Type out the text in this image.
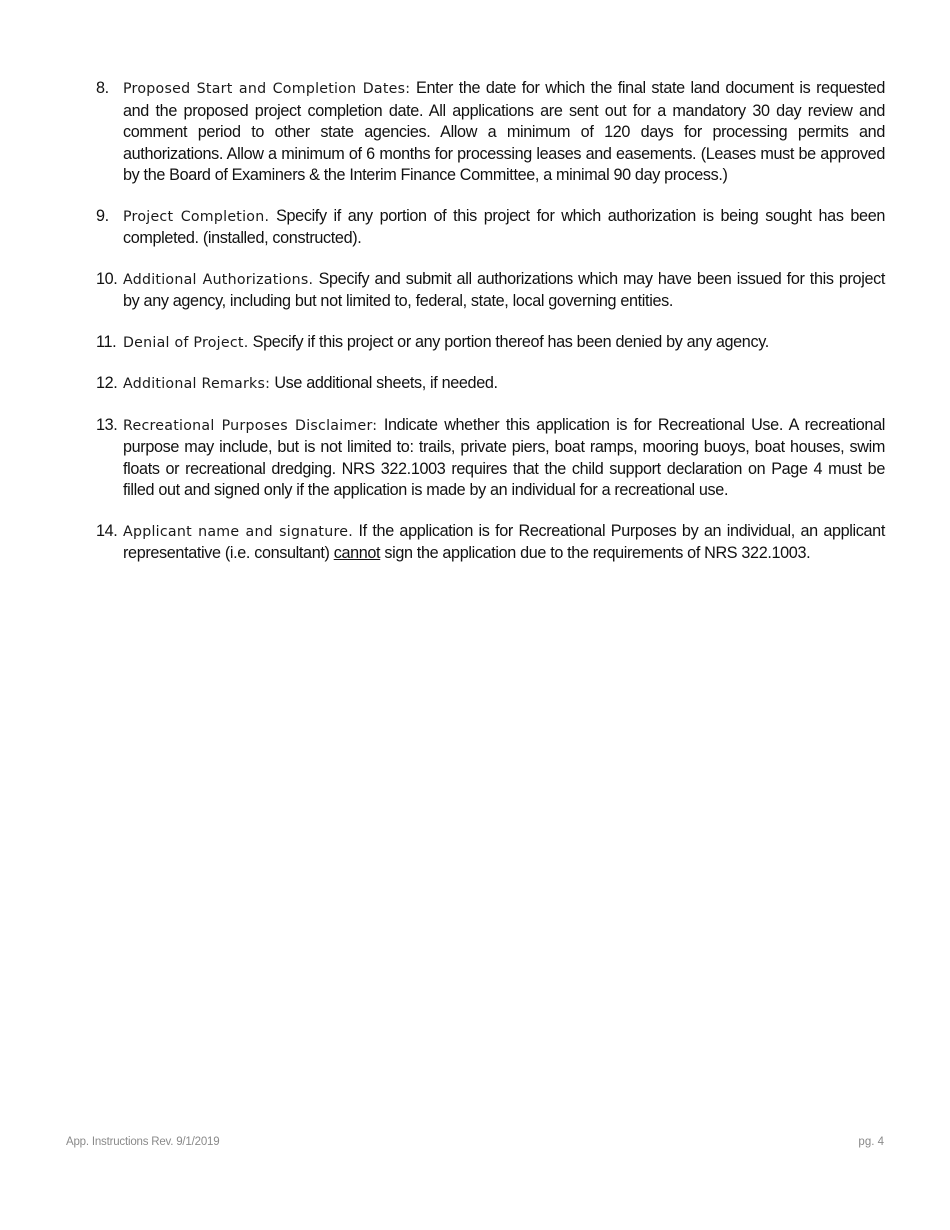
8. Proposed Start and Completion Dates: Enter the date for which the final state land document is requested and the proposed project completion date. All applications are sent out for a mandatory 30 day review and comment period to other state agencies. Allow a minimum of 120 days for processing permits and authorizations. Allow a minimum of 6 months for processing leases and easements. (Leases must be approved by the Board of Examiners & the Interim Finance Committee, a minimal 90 day process.)
9. Project Completion. Specify if any portion of this project for which authorization is being sought has been completed. (installed, constructed).
10. Additional Authorizations. Specify and submit all authorizations which may have been issued for this project by any agency, including but not limited to, federal, state, local governing entities.
11. Denial of Project. Specify if this project or any portion thereof has been denied by any agency.
12. Additional Remarks: Use additional sheets, if needed.
13. Recreational Purposes Disclaimer: Indicate whether this application is for Recreational Use. A recreational purpose may include, but is not limited to: trails, private piers, boat ramps, mooring buoys, boat houses, swim floats or recreational dredging. NRS 322.1003 requires that the child support declaration on Page 4 must be filled out and signed only if the application is made by an individual for a recreational use.
14. Applicant name and signature. If the application is for Recreational Purposes by an individual, an applicant representative (i.e. consultant) cannot sign the application due to the requirements of NRS 322.1003.
App. Instructions Rev. 9/1/2019	pg. 4
